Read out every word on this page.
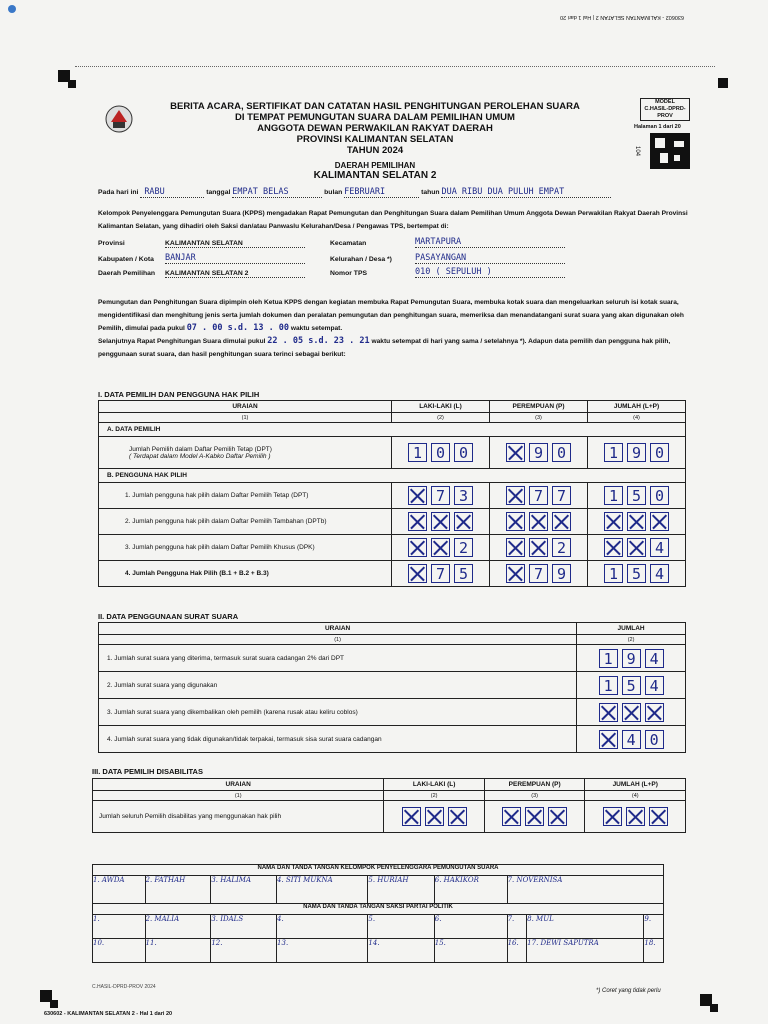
630602 - KALIMANTAN SELATAN 2 | Hal 1 dari 20
BERITA ACARA, SERTIFIKAT DAN CATATAN HASIL PENGHITUNGAN PEROLEHAN SUARA
DI TEMPAT PEMUNGUTAN SUARA DALAM PEMILIHAN UMUM
ANGGOTA DEWAN PERWAKILAN RAKYAT DAERAH
PROVINSI KALIMANTAN SELATAN
TAHUN 2024
DAERAH PEMILIHAN
KALIMANTAN SELATAN 2
MODEL
C.HASIL-DPRD-
PROV
Halaman 1 dari 20
104
Pada hari ini RABU	tanggal EMPAT BELAS	bulan FEBRUARI	tahun DUA RIBU DUA PULUH EMPAT
Kelompok Penyelenggara Pemungutan Suara (KPPS) mengadakan Rapat Pemungutan dan Penghitungan Suara dalam Pemilihan Umum Anggota Dewan Perwakilan Rakyat Daerah Provinsi Kalimantan Selatan, yang dihadiri oleh Saksi dan/atau Panwaslu Kelurahan/Desa / Pengawas TPS, bertempat di:
Provinsi	KALIMANTAN SELATAN
Kabupaten / Kota BANJAR
Daerah Pemilihan KALIMANTAN SELATAN 2
Kecamatan	MARTAPURA
Kelurahan / Desa *)	PASAYANGAN
Nomor TPS	010 ( SEPULUH )
Pemungutan dan Penghitungan Suara dipimpin oleh Ketua KPPS dengan kegiatan membuka Rapat Pemungutan Suara, membuka kotak suara dan mengeluarkan seluruh isi kotak suara, mengidentifikasi dan menghitung jenis serta jumlah dokumen dan peralatan pemungutan dan penghitungan suara, memeriksa dan menandatangani surat suara yang akan digunakan oleh Pemilih, dimulai pada pukul 07 . 00 s.d. 13 . 00 waktu setempat.
Selanjutnya Rapat Penghitungan Suara dimulai pukul 22 . 05 s.d. 23 . 21 waktu setempat di hari yang sama / setelahnya *). Adapun data pemilih dan pengguna hak pilih, penggunaan surat suara, dan hasil penghitungan suara terinci sebagai berikut:
I. DATA PEMILIH DAN PENGGUNA HAK PILIH
URAIAN	LAKI-LAKI (L)	PEREMPUAN (P)	JUMLAH (L+P)
(1)	(2)	(3)	(4)
A. DATA PEMILIH			

Jumlah Pemilih dalam Daftar Pemilih Tetap (DPT)
( Terdapat dalam Model A-Kabko Daftar Pemilih )	1 0 0	9 0	1 9 0
B. PENGGUNA HAK PILIH			
1. Jumlah pengguna hak pilih dalam Daftar Pemilih Tetap (DPT)	7 3	7 7	1 5 0
2. Jumlah pengguna hak pilih dalam Daftar Pemilih Tambahan (DPTb)			
3. Jumlah pengguna hak pilih dalam Daftar Pemilih Khusus (DPK)	2	2	4
4. Jumlah Pengguna Hak Pilih (B.1 + B.2 + B.3)	7 5	7 9	1 5 4
II. DATA PENGGUNAAN SURAT SUARA
URAIAN	JUMLAH
(1)	(2)
1. Jumlah surat suara yang diterima, termasuk surat suara cadangan 2% dari DPT	1 9 4
2. Jumlah surat suara yang digunakan	1 5 4
3. Jumlah surat suara yang dikembalikan oleh pemilih (karena rusak atau keliru coblos)	
4. Jumlah surat suara yang tidak digunakan/tidak terpakai, termasuk sisa surat suara cadangan	4 0
III. DATA PEMILIH DISABILITAS
URAIAN	LAKI-LAKI (L)	PEREMPUAN (P)	JUMLAH (L+P)
(1)	(2)	(3)	(4)
Jumlah seluruh Pemilih disabilitas yang menggunakan hak pilih			
NAMA DAN TANDA TANGAN KELOMPOK PENYELENGGARA PEMUNGUTAN SUARA								
1. AWDA	2. FATHAH	3. HALIMA	4. SITI MUKNA	5. HURIAH	6. HAKIKOR	7. NOVERNISA		
NAMA DAN TANDA TANGAN SAKSI PARTAI POLITIK								
1.	2. MALIA	3. IDALS	4.	5.	6.	7.	8. MUL	9.
10.	11.	12.	13.	14.	15.	16.	17. DEWI SAPUTRA	18.
C.HASIL-DPRD-PROV 2024
*) Coret yang tidak perlu
630602 - KALIMANTAN SELATAN 2 - Hal 1 dari 20
